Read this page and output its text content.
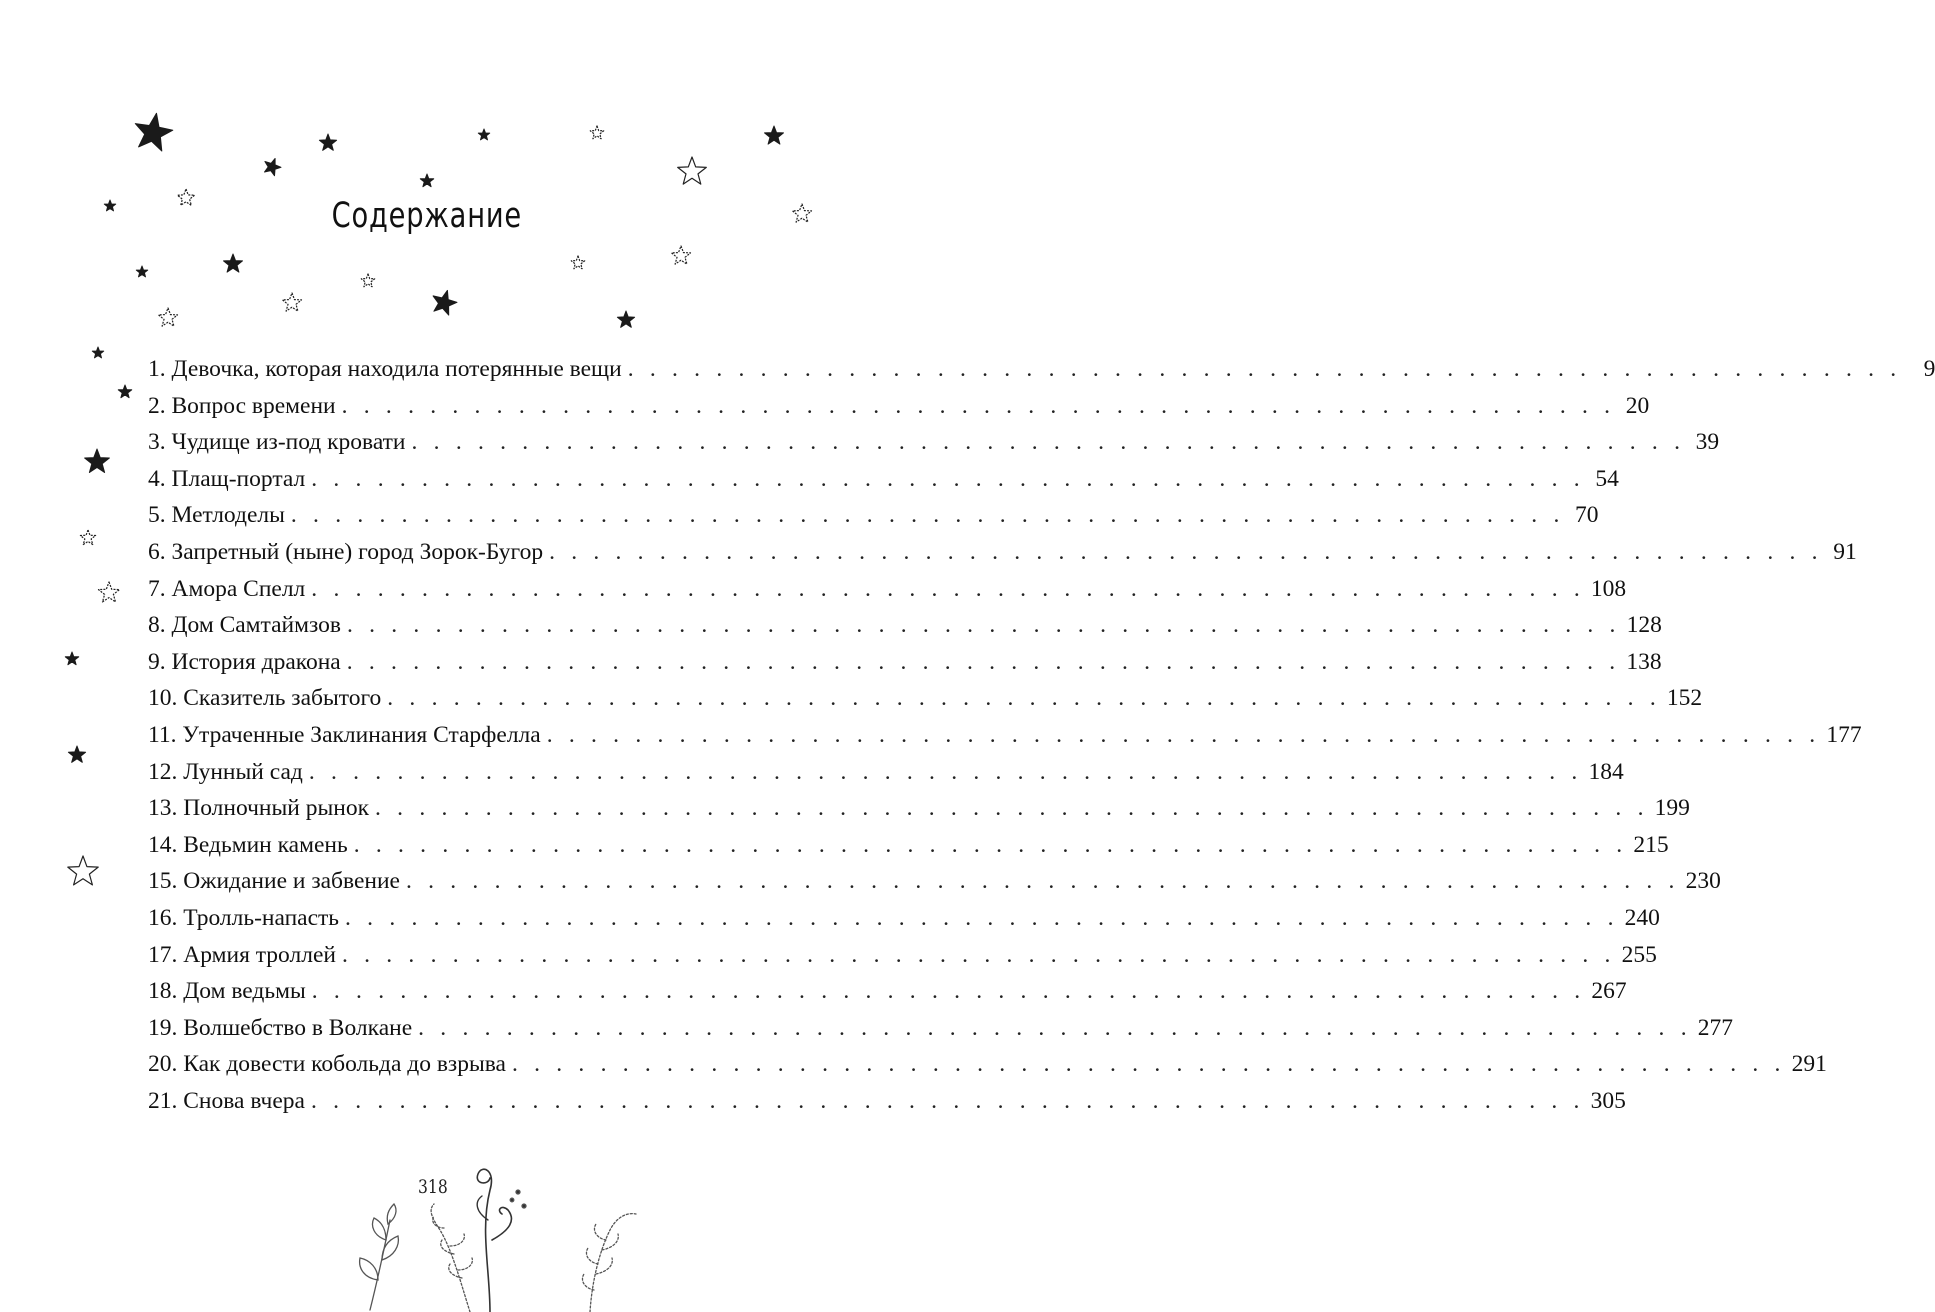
Содержание
1. Девочка, которая находила потерянные вещи . . . . . . . . . . . . . . . . . . . . . . . . . . . . . . . . . . . . . . . . . . . . . . . . . . . . . . . . . . 9
2. Вопрос времени . . . . . . . . . . . . . . . . . . . . . . . . . . . . . . . . . . . . . . . . . . . . . . . . . . . . . . . . . . 20
3. Чудище из-под кровати . . . . . . . . . . . . . . . . . . . . . . . . . . . . . . . . . . . . . . . . . . . . . . . . . . . . . . . . . . 39
4. Плащ-портал . . . . . . . . . . . . . . . . . . . . . . . . . . . . . . . . . . . . . . . . . . . . . . . . . . . . . . . . . . 54
5. Метлоделы . . . . . . . . . . . . . . . . . . . . . . . . . . . . . . . . . . . . . . . . . . . . . . . . . . . . . . . . . . 70
6. Запретный (ныне) город Зорок-Бугор . . . . . . . . . . . . . . . . . . . . . . . . . . . . . . . . . . . . . . . . . . . . . . . . . . . . . . . . . . 91
7. Амора Спелл . . . . . . . . . . . . . . . . . . . . . . . . . . . . . . . . . . . . . . . . . . . . . . . . . . . . . . . . . . 108
8. Дом Самтаймзов . . . . . . . . . . . . . . . . . . . . . . . . . . . . . . . . . . . . . . . . . . . . . . . . . . . . . . . . . . 128
9. История дракона . . . . . . . . . . . . . . . . . . . . . . . . . . . . . . . . . . . . . . . . . . . . . . . . . . . . . . . . . . 138
10. Сказитель забытого . . . . . . . . . . . . . . . . . . . . . . . . . . . . . . . . . . . . . . . . . . . . . . . . . . . . . . . . . . 152
11. Утраченные Заклинания Старфелла . . . . . . . . . . . . . . . . . . . . . . . . . . . . . . . . . . . . . . . . . . . . . . . . . . . . . . . . . . 177
12. Лунный сад . . . . . . . . . . . . . . . . . . . . . . . . . . . . . . . . . . . . . . . . . . . . . . . . . . . . . . . . . . 184
13. Полночный рынок . . . . . . . . . . . . . . . . . . . . . . . . . . . . . . . . . . . . . . . . . . . . . . . . . . . . . . . . . . 199
14. Ведьмин камень . . . . . . . . . . . . . . . . . . . . . . . . . . . . . . . . . . . . . . . . . . . . . . . . . . . . . . . . . . 215
15. Ожидание и забвение . . . . . . . . . . . . . . . . . . . . . . . . . . . . . . . . . . . . . . . . . . . . . . . . . . . . . . . . . . 230
16. Тролль-напасть . . . . . . . . . . . . . . . . . . . . . . . . . . . . . . . . . . . . . . . . . . . . . . . . . . . . . . . . . . 240
17. Армия троллей . . . . . . . . . . . . . . . . . . . . . . . . . . . . . . . . . . . . . . . . . . . . . . . . . . . . . . . . . . 255
18. Дом ведьмы . . . . . . . . . . . . . . . . . . . . . . . . . . . . . . . . . . . . . . . . . . . . . . . . . . . . . . . . . . 267
19. Волшебство в Волкане . . . . . . . . . . . . . . . . . . . . . . . . . . . . . . . . . . . . . . . . . . . . . . . . . . . . . . . . . . 277
20. Как довести кобольда до взрыва . . . . . . . . . . . . . . . . . . . . . . . . . . . . . . . . . . . . . . . . . . . . . . . . . . . . . . . . . . 291
21. Снова вчера . . . . . . . . . . . . . . . . . . . . . . . . . . . . . . . . . . . . . . . . . . . . . . . . . . . . . . . . . . 305
318
